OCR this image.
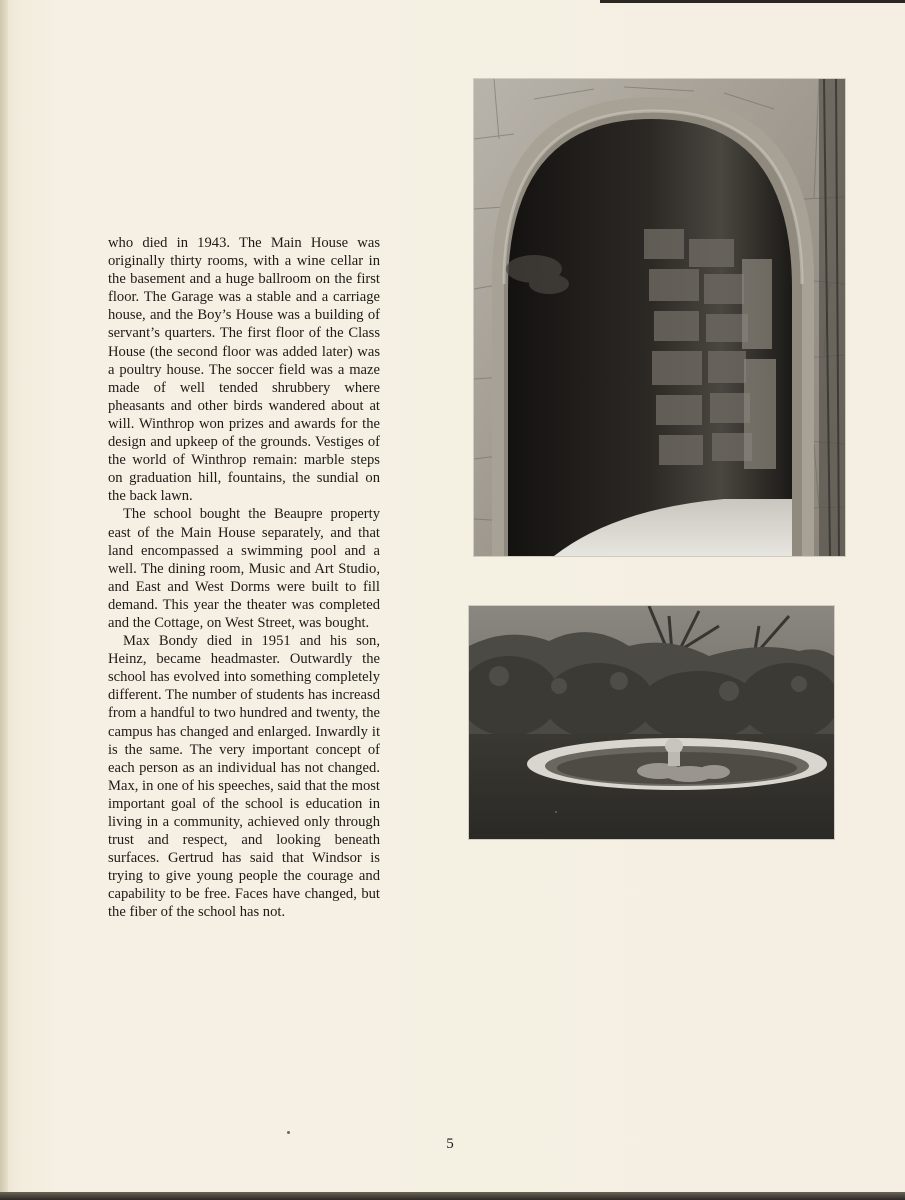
who died in 1943. The Main House was originally thirty rooms, with a wine cellar in the basement and a huge ballroom on the first floor. The Garage was a stable and a carriage house, and the Boy’s House was a building of servant’s quarters. The first floor of the Class House (the second floor was added later) was a poultry house. The soccer field was a maze made of well tended shrubbery where pheasants and other birds wandered about at will. Winthrop won prizes and awards for the design and upkeep of the grounds. Vestiges of the world of Winthrop remain: marble steps on graduation hill, fountains, the sundial on the back lawn.

The school bought the Beaupre property east of the Main House separately, and that land encompassed a swimming pool and a well. The dining room, Music and Art Studio, and East and West Dorms were built to fill demand. This year the theater was completed and the Cottage, on West Street, was bought.

Max Bondy died in 1951 and his son, Heinz, became headmaster. Outwardly the school has evolved into something completely different. The number of students has increasd from a handful to two hundred and twenty, the campus has changed and enlarged. Inwardly it is the same. The very important concept of each person as an individual has not changed. Max, in one of his speeches, said that the most important goal of the school is education in living in a community, achieved only through trust and respect, and looking beneath surfaces. Gertrud has said that Windsor is trying to give young people the courage and capability to be free. Faces have changed, but the fiber of the school has not.

5
